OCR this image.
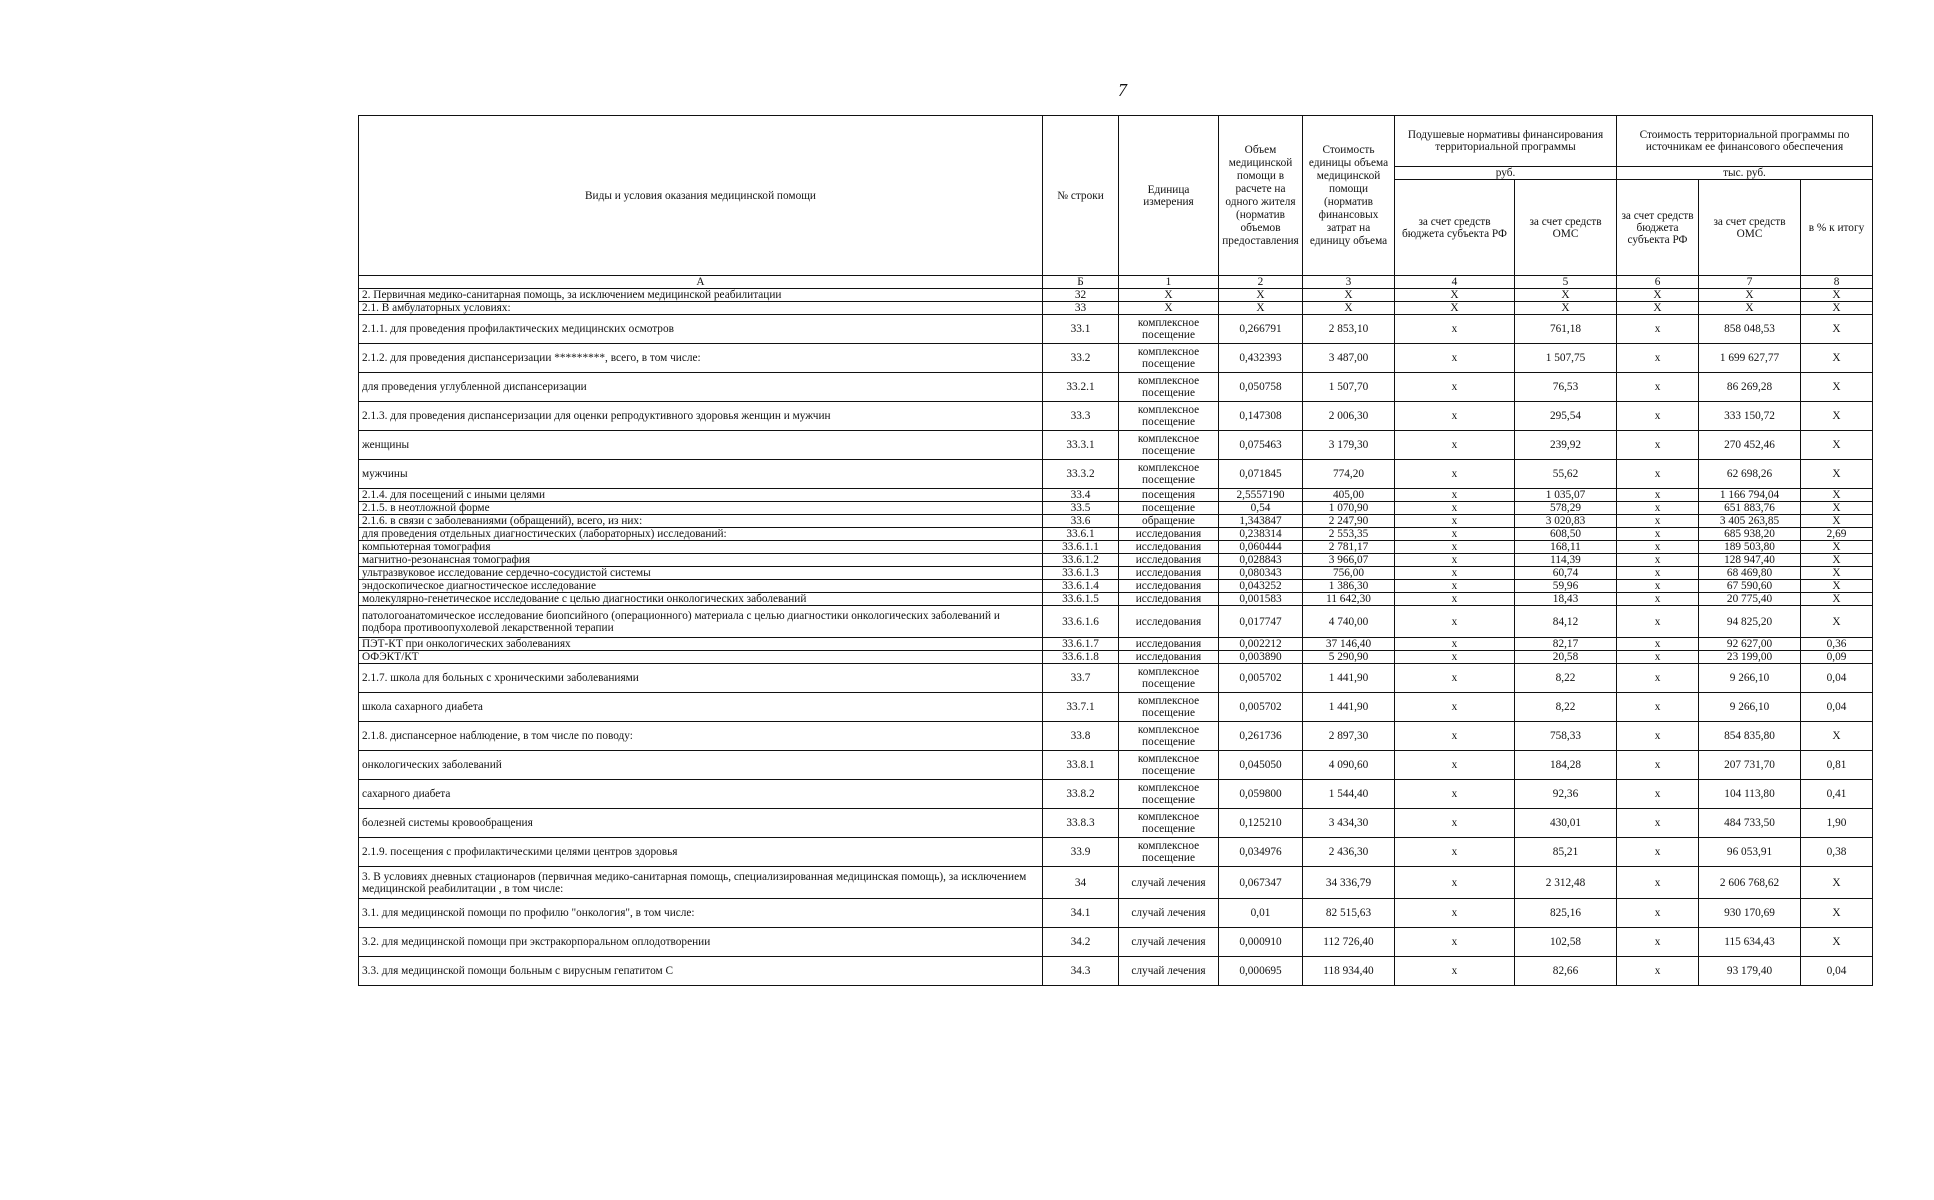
7
Виды и условия оказания медицинской помощи	№ строки	Единица измерения	Объем медицинской помощи в расчете на одного жителя (норматив объемов предоставления	Стоимость единицы объема медицинской помощи (норматив финансовых затрат на единицу объема	Подушевые нормативы финансирования территориальной программы		Стоимость территориальной программы по источникам ее финансового обеспечения		
					руб.		тыс. руб.		
					за счет средств бюджета субъекта РФ	за счет средств ОМС	за счет средств бюджета субъекта РФ	за счет средств ОМС	в % к итогу
А	Б	1	2	3	4	5	6	7	8
2. Первичная медико-санитарная помощь, за исключением медицинской реабилитации	32	Х	Х	Х	Х	Х	Х	Х	Х
2.1. В амбулаторных условиях:	33	Х	Х	Х	Х	Х	Х	Х	Х
2.1.1. для проведения профилактических медицинских осмотров	33.1	комплексное посещение	0,266791	2 853,10	х	761,18	х	858 048,53	Х
2.1.2. для проведения диспансеризации *********, всего, в том числе:	33.2	комплексное посещение	0,432393	3 487,00	х	1 507,75	х	1 699 627,77	Х
для проведения углубленной диспансеризации	33.2.1	комплексное посещение	0,050758	1 507,70	х	76,53	х	86 269,28	Х
2.1.3. для проведения диспансеризации для оценки репродуктивного здоровья женщин и мужчин	33.3	комплексное посещение	0,147308	2 006,30	х	295,54	х	333 150,72	Х
женщины	33.3.1	комплексное посещение	0,075463	3 179,30	х	239,92	х	270 452,46	Х
мужчины	33.3.2	комплексное посещение	0,071845	774,20	х	55,62	х	62 698,26	Х
2.1.4. для посещений с иными целями	33.4	посещения	2,5557190	405,00	х	1 035,07	х	1 166 794,04	Х
2.1.5. в неотложной форме	33.5	посещение	0,54	1 070,90	х	578,29	х	651 883,76	Х
2.1.6. в связи с заболеваниями (обращений), всего, из них:	33.6	обращение	1,343847	2 247,90	х	3 020,83	х	3 405 263,85	Х
для проведения отдельных диагностических (лабораторных) исследований:	33.6.1	исследования	0,238314	2 553,35	х	608,50	х	685 938,20	2,69
компьютерная томография	33.6.1.1	исследования	0,060444	2 781,17	х	168,11	х	189 503,80	Х
магнитно-резонансная томография	33.6.1.2	исследования	0,028843	3 966,07	х	114,39	х	128 947,40	Х
ультразвуковое исследование сердечно-сосудистой системы	33.6.1.3	исследования	0,080343	756,00	х	60,74	х	68 469,80	Х
эндоскопическое диагностическое исследование	33.6.1.4	исследования	0,043252	1 386,30	х	59,96	х	67 590,60	Х
молекулярно-генетическое исследование с целью диагностики онкологических заболеваний	33.6.1.5	исследования	0,001583	11 642,30	х	18,43	х	20 775,40	Х
патологоанатомическое исследование биопсийного (операционного) материала с целью диагностики онкологических заболеваний и подбора противоопухолевой лекарственной терапии	33.6.1.6	исследования	0,017747	4 740,00	х	84,12	х	94 825,20	Х
ПЭТ-КТ при онкологических заболеваниях	33.6.1.7	исследования	0,002212	37 146,40	х	82,17	х	92 627,00	0,36
ОФЭКТ/КТ	33.6.1.8	исследования	0,003890	5 290,90	х	20,58	х	23 199,00	0,09
2.1.7. школа для больных с хроническими заболеваниями	33.7	комплексное посещение	0,005702	1 441,90	х	8,22	х	9 266,10	0,04
школа сахарного диабета	33.7.1	комплексное посещение	0,005702	1 441,90	х	8,22	х	9 266,10	0,04
2.1.8. диспансерное наблюдение, в том числе по поводу:	33.8	комплексное посещение	0,261736	2 897,30	х	758,33	х	854 835,80	Х
онкологических заболеваний	33.8.1	комплексное посещение	0,045050	4 090,60	х	184,28	х	207 731,70	0,81
сахарного диабета	33.8.2	комплексное посещение	0,059800	1 544,40	х	92,36	х	104 113,80	0,41
болезней системы кровообращения	33.8.3	комплексное посещение	0,125210	3 434,30	х	430,01	х	484 733,50	1,90
2.1.9. посещения с профилактическими целями центров здоровья	33.9	комплексное посещение	0,034976	2 436,30	х	85,21	х	96 053,91	0,38
3. В условиях дневных стационаров (первичная медико-санитарная помощь, специализированная медицинская помощь), за исключением медицинской реабилитации , в том числе:	34	случай лечения	0,067347	34 336,79	х	2 312,48	х	2 606 768,62	Х
3.1. для медицинской помощи по профилю "онкология", в том числе:	34.1	случай лечения	0,01	82 515,63	х	825,16	х	930 170,69	Х
3.2. для медицинской помощи при экстракорпоральном оплодотворении	34.2	случай лечения	0,000910	112 726,40	х	102,58	х	115 634,43	Х
3.3. для медицинской помощи больным с вирусным гепатитом С	34.3	случай лечения	0,000695	118 934,40	х	82,66	х	93 179,40	0,04
